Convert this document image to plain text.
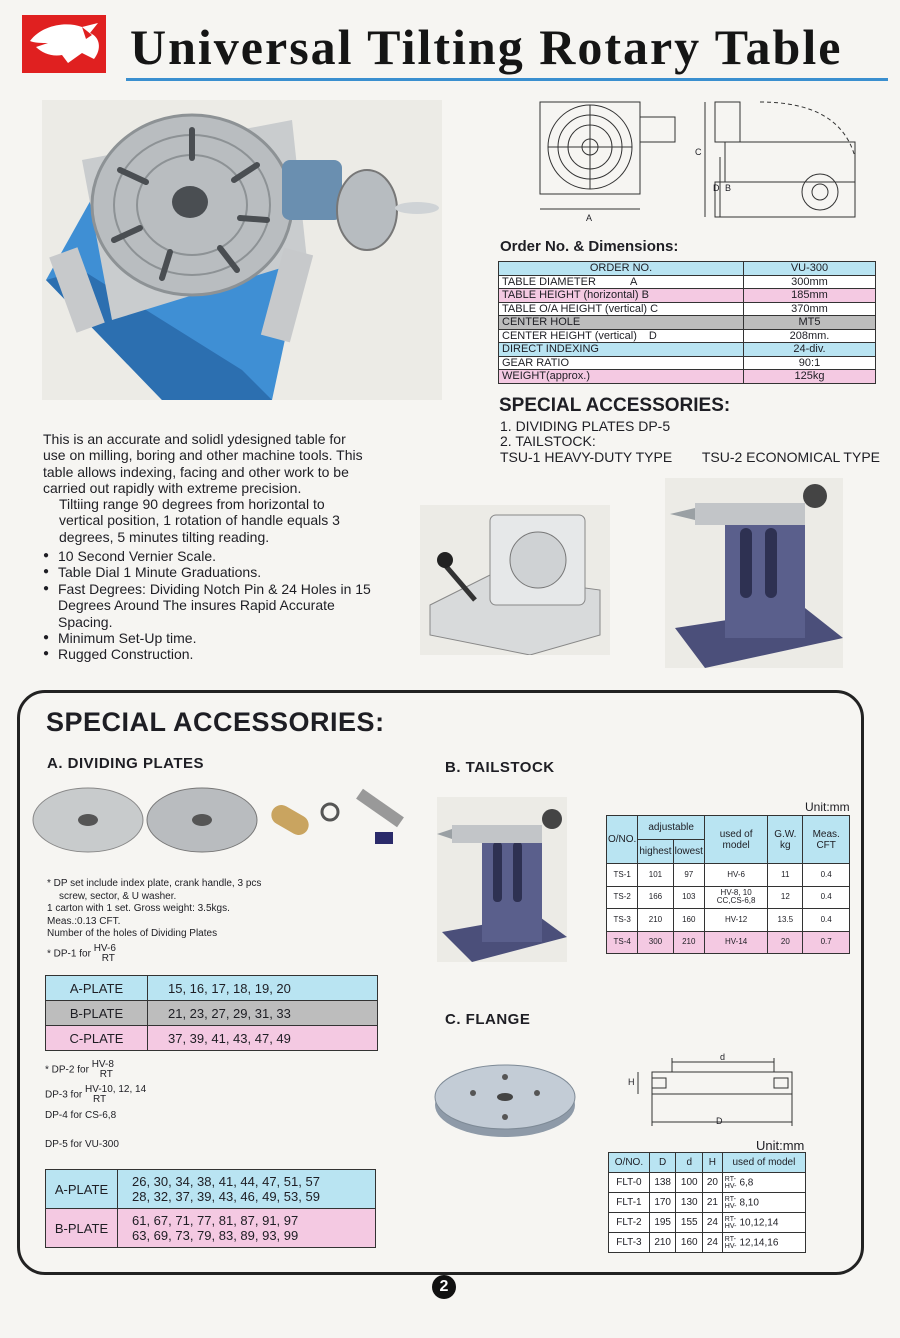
Universal Tilting Rotary Table
A
C
D B
Order No. & Dimensions:
ORDER NO.	VU-300
TABLE DIAMETER A	300mm
TABLE HEIGHT (horizontal) B	185mm
TABLE O/A HEIGHT (vertical) C	370mm
CENTER HOLE	MT5
CENTER HEIGHT (vertical) D	208mm.
DIRECT INDEXING	24-div.
GEAR RATIO	90:1
WEIGHT(approx.)	125kg
SPECIAL ACCESSORIES:
1. DIVIDING PLATES DP-5
2. TAILSTOCK:
TSU-1 HEAVY-DUTY TYPE TSU-2 ECONOMICAL TYPE

This is an accurate and solidl ydesigned table for use on milling, boring and other machine tools. This table allows indexing, facing and other work to be carried out rapidly with extreme precision.

Tiltiing range 90 degrees from horizontal to vertical position, 1 rotation of handle equals 3 degrees, 5 minutes tilting reading.

● 10 Second Vernier Scale.
● Table Dial 1 Minute Graduations.
● Fast Degrees: Dividing Notch Pin & 24 Holes in 15 Degrees Around The insures Rapid Accurate Spacing.
● Minimum Set-Up time.
● Rugged Construction.
SPECIAL ACCESSORIES:
A. DIVIDING PLATES	B. TAILSTOCK
C. FLANGE
* DP set include index plate, crank handle, 3 pcs
screw, sector, & U washer.
1 carton with 1 set. Gross weight: 3.5kgs.
Meas.:0.13 CFT.
Number of the holes of Dividing Plates
* DP-1 for HV-6
RT
A-PLATE	15, 16, 17, 18, 19, 20
B-PLATE	21, 23, 27, 29, 31, 33
C-PLATE	37, 39, 41, 43, 47, 49
* DP-2 for HV-8
RT
DP-3 for HV-10, 12, 14
RT
DP-4 for CS-6,8
DP-5 for VU-300
A-PLATE	26, 30, 34, 38, 41, 44, 47, 51, 57
28, 32, 37, 39, 43, 46, 49, 53, 59

B-PLATE	61, 67, 71, 77, 81, 87, 91, 97
63, 69, 73, 79, 83, 89, 93, 99
Unit:mm
O/NO.	adjustable		used of model	G.W. kg	Meas. CFT
	highest	lowest			
TS-1	101	97	HV-6	11	0.4
TS-2	166	103	HV-8, 10 CC,CS-6,8	12	0.4
TS-3	210	160	HV-12	13.5	0.4
TS-4	300	210	HV-14	20	0.7
d
D
H
Unit:mm
O/NO.	D	d	H	used of model
FLT-0	138	100	20	RT-
HV- 6,8
FLT-1	170	130	21	RT-
HV- 8,10
FLT-2	195	155	24	RT-
HV- 10,12,14
FLT-3	210	160	24	RT-
HV- 12,14,16
2
